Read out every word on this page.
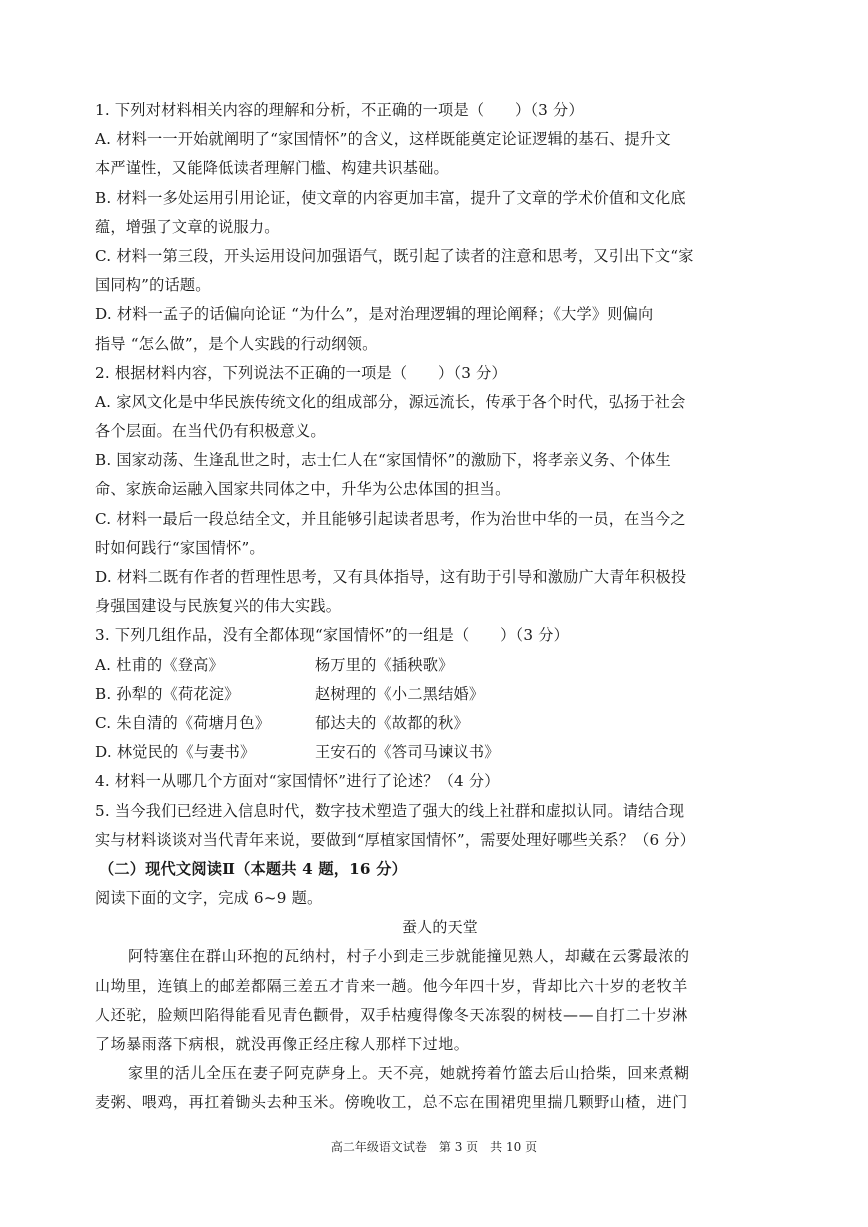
1. 下列对材料相关内容的理解和分析，不正确的一项是（　　）（3 分）
A. 材料一一开始就阐明了“家国情怀”的含义，这样既能奠定论证逻辑的基石、提升文
本严谨性，又能降低读者理解门槛、构建共识基础。
B. 材料一多处运用引用论证，使文章的内容更加丰富，提升了文章的学术价值和文化底
蕴，增强了文章的说服力。
C. 材料一第三段，开头运用设问加强语气，既引起了读者的注意和思考，又引出下文“家
国同构”的话题。
D. 材料一孟子的话偏向论证 “为什么”，是对治理逻辑的理论阐释；《大学》则偏向
指导 “怎么做”，是个人实践的行动纲领。
2. 根据材料内容，下列说法不正确的一项是（　　）（3 分）
A. 家风文化是中华民族传统文化的组成部分，源远流长，传承于各个时代，弘扬于社会
各个层面。在当代仍有积极意义。
B. 国家动荡、生逢乱世之时，志士仁人在“家国情怀”的激励下，将孝亲义务、个体生
命、家族命运融入国家共同体之中，升华为公忠体国的担当。
C. 材料一最后一段总结全文，并且能够引起读者思考，作为治世中华的一员，在当今之
时如何践行“家国情怀”。
D. 材料二既有作者的哲理性思考，又有具体指导，这有助于引导和激励广大青年积极投
身强国建设与民族复兴的伟大实践。
3. 下列几组作品，没有全都体现“家国情怀”的一组是（　　）（3 分）
A. 杜甫的《登高》	杨万里的《插秧歌》
B. 孙犁的《荷花淀》	赵树理的《小二黑结婚》
C. 朱自清的《荷塘月色》	郁达夫的《故都的秋》
D. 林觉民的《与妻书》	王安石的《答司马谏议书》
4. 材料一从哪几个方面对“家国情怀”进行了论述？（4 分）
5. 当今我们已经进入信息时代，数字技术塑造了强大的线上社群和虚拟认同。请结合现
实与材料谈谈对当代青年来说，要做到“厚植家国情怀”，需要处理好哪些关系？（6 分）
（二）现代文阅读Ⅱ（本题共 4 题，16 分）
阅读下面的文字，完成 6~9 题。
蚕人的天堂
阿特塞住在群山环抱的瓦纳村，村子小到走三步就能撞见熟人，却藏在云雾最浓的
山坳里，连镇上的邮差都隔三差五才肯来一趟。他今年四十岁，背却比六十岁的老牧羊
人还驼，脸颊凹陷得能看见青色颧骨，双手枯瘦得像冬天冻裂的树枝——自打二十岁淋
了场暴雨落下病根，就没再像正经庄稼人那样下过地。
家里的活儿全压在妻子阿克萨身上。天不亮，她就挎着竹篮去后山拾柴，回来煮糊
麦粥、喂鸡，再扛着锄头去种玉米。傍晚收工，总不忘在围裙兜里揣几颗野山楂，进门
高二年级语文试卷　第 3 页　共 10 页
